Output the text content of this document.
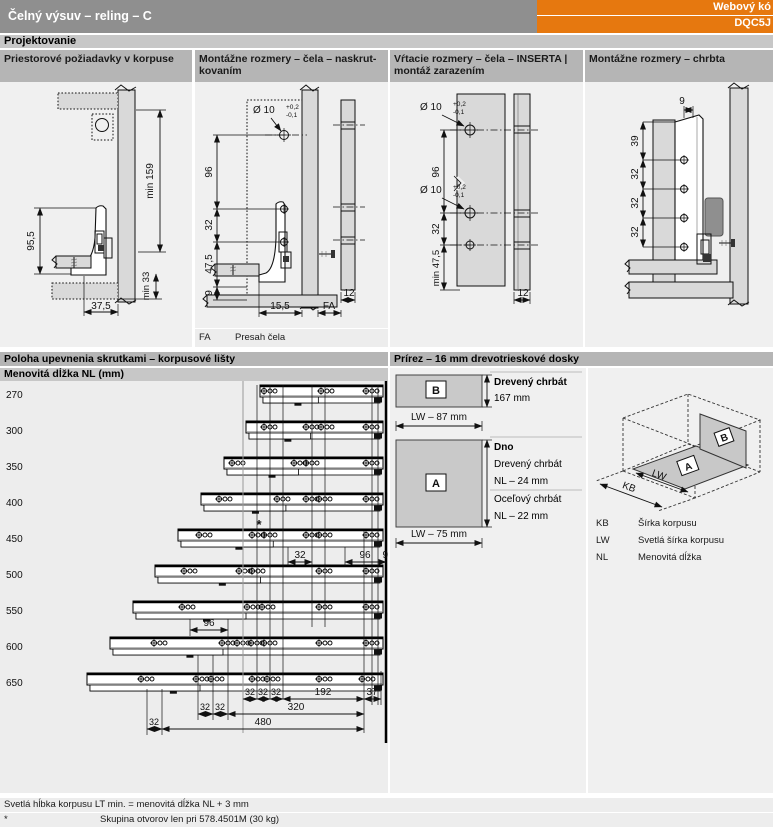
Čelný výsuv – reling – C
Webový kó
DQC5J
Projektovanie
Priestorové požiadavky v korpuse	Montážne rozmery – čela – naskrut-
kovaním
Vŕtacie rozmery – čela – INSERTA |
montáž zarazením
Montážne rozmery – chrbta
min 159
95,5
min 33
37,5
Ø 10 +0,2
-0,1
96
32
47,5
9
15,5	FA
12
FA	Presah čela
Ø 10 +0,2
-0,1
Ø 10 +0,2
-0,1
96
32
min 47,5
12
39
32
32
32
9
Poloha upevnenia skrutkami – korpusové lišty
Menovitá dĺžka NL (mm)
270
300
350
400
450
500
550
600
650
*
32	96 9
96
32 32 32	192	37
32 32	320
32	480
Prírez – 16 mm drevotrieskové dosky
B
LW – 87 mm
A
LW – 75 mm
Drevený chrbát
167 mm
Dno
Drevený chrbát
NL – 24 mm
Oceľový chrbát
NL – 22 mm
A
B
LW
KB
KB	Šírka korpusu
LW	Svetlá šírka korpusu
NL	Menovitá dĺžka
Svetlá hĺbka korpusu LT min. = menovitá dĺžka NL + 3 mm
*	Skupina otvorov len pri 578.4501M (30 kg)
